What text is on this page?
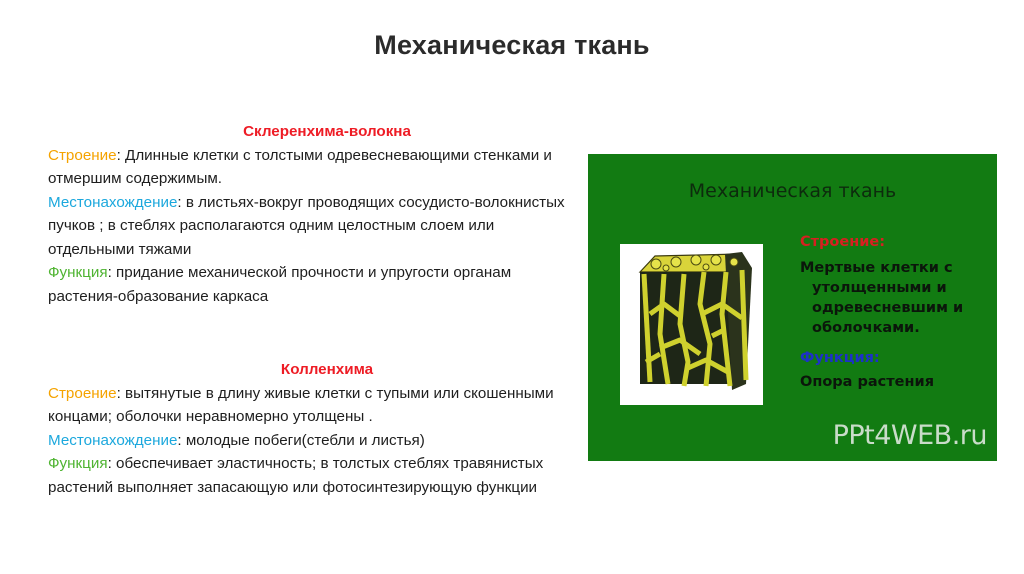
Механическая ткань
Склеренхима-волокна
Строение: Длинные клетки с толстыми одревесневающими стенками и отмершим содержимым.
Местонахождение: в листьях-вокруг проводящих сосудисто-волокнистых пучков ; в стеблях располагаются одним целостным слоем или отдельными тяжами
Функция: придание механической прочности и упругости органам растения-образование каркаса
Колленхима
Строение: вытянутые в длину живые клетки с тупыми или скошенными концами; оболочки неравномерно утолщены .
Местонахождение: молодые побеги(стебли и листья)
Функция: обеспечивает эластичность; в толстых стеблях травянистых растений выполняет запасающую или фотосинтезирующую функции
Механическая ткань
Строение:
Мертвые клетки с утолщенными и одревесневшим и оболочками.
Функция:
Опора растения
PPt4WEB.ru
